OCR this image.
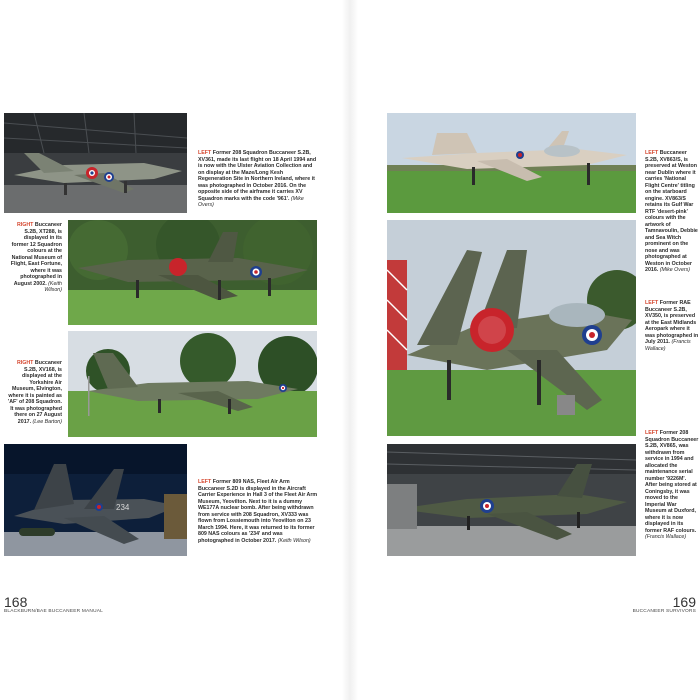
LEFT Former 208 Squadron Buccaneer S.2B, XV361, made its last flight on 18 April 1994 and is now with the Ulster Aviation Collection and on display at the Maze/Long Kesh Regeneration Site in Northern Ireland, where it was photographed in October 2016. On the opposite side of the airframe it carries XV Squadron marks with the code '961'. (Mike Overs)

RIGHT Buccaneer S.2B, XT288, is displayed in its former 12 Squadron colours at the National Museum of Flight, East Fortune, where it was photographed in August 2002. (Keith Wilson)

RIGHT Buccaneer S.2B, XV168, is displayed at the Yorkshire Air Museum, Elvington, where it is painted as 'AF' of 208 Squadron. It was photographed there on 27 August 2017. (Lee Barton)

234

LEFT Former 809 NAS, Fleet Air Arm Buccaneer S.2D is displayed in the Aircraft Carrier Experience in Hall 3 of the Fleet Air Arm Museum, Yeovilton. Next to it is a dummy WE177A nuclear bomb. After being withdrawn from service with 208 Squadron, XV333 was flown from Lossiemouth into Yeovilton on 23 March 1994. Here, it was returned to its former 809 NAS colours as '234' and was photographed in October 2017. (Keith Wilson)

168
BLACKBURN/BAE BUCCANEER MANUAL

LEFT Buccaneer S.2B, XV863/S, is preserved at Weston near Dublin where it carries 'National Flight Centre' titling on the starboard engine. XV863/S retains its Gulf War RTF 'desert-pink' colours with the artwork of Tamnavoulin, Debbie and Sea Witch prominent on the nose and was photographed at Weston in October 2016. (Mike Overs)

LEFT Former RAE Buccaneer S.2B, XV350, is preserved at the East Midlands Aeropark where it was photographed in July 2011. (Francis Wallace)

LEFT Former 208 Squadron Buccaneer S.2B, XV865, was withdrawn from service in 1994 and allocated the maintenance serial number '9226M'. After being stored at Coningsby, it was moved to the Imperial War Museum at Duxford, where it is now displayed in its former RAF colours. (Francis Wallace)

169
BUCCANEER SURVIVORS
